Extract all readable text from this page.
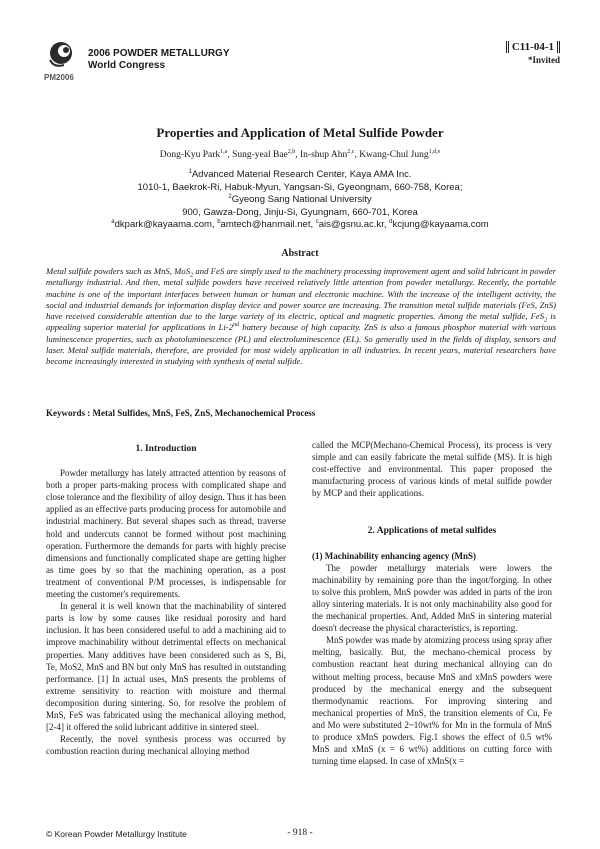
PM2006
2006 POWDER METALLURGY
World Congress
C11-04-1
*Invited
Properties and Application of Metal Sulfide Powder
Dong-Kyu Park$^{1,a}$, Sung-yeal Bae$^{2,b}$, In-shup Ahn$^{2,c}$, Kwang-Chul Jung$^{1,d,e}$
$^1$Advanced Material Research Center, Kaya AMA Inc.
1010-1, Baekrok-Ri, Habuk-Myun, Yangsan-Si, Gyeongnam, 660-758, Korea;
$^2$Gyeong Sang National University
900, Gawza-Dong, Jinju-Si, Gyungnam, 660-701, Korea
$^a$dkpark@kayaama.com, $^b$amtech@hanmail.net, $^c$ais@gsnu.ac.kr, $^d$kcjung@kayaama.com
Abstract
Metal sulfide powders such as MnS, MoS$_2$ and FeS are simply used to the machinery processing improvement agent and solid lubricant in powder metallurgy industrial. And then, metal sulfide powders have received relatively little attention from powder metallurgy. Recently, the portable machine is one of the important interfaces between human or human and electronic machine. With the increase of the intelligent activity, the social and industrial demands for information display device and power source are increasing. The transition metal sulfide materials (FeS, ZnS) have received considerable attention due to the large variety of its electric, optical and magnetic properties. Among the metal sulfide, FeS$_2$ is appealing superior material for applications in Li-2nd battery because of high capacity. ZnS is also a famous phosphor material with various luminescence properties, such as photoluminescence (PL) and electroluminescence (EL). So generally used in the fields of display, sensors and laser. Metal sulfide materials, therefore, are provided for most widely application in all industries. In recent years, material researchers have become increasingly interested in studying with synthesis of metal sulfide.
Keywords : Metal Sulfides, MnS, FeS, ZnS, Mechanochemical Process
1. Introduction

Powder metallurgy has lately attracted attention by reasons of both a proper parts-making process with complicated shape and close tolerance and the flexibility of alloy design. Thus it has been applied as an effective parts producing process for automobile and industrial machinery. But several shapes such as thread, traverse hold and undercuts cannot be formed without post machining operation. Furthermore the demands for parts with highly precise dimensions and functionally complicated shape are getting higher as time goes by so that the machining operation, as a post treatment of conventional P/M processes, is indispensable for meeting the customer's requirements.

In general it is well known that the machinability of sintered parts is low by some causes like residual porosity and hard inclusion. It has been considered useful to add a machining aid to improve machinability without detrimental effects on mechanical properties. Many additives have been considered such as S, Bi, Te, MoS2, MnS and BN but only MnS has resulted in outstanding performance. [1] In actual uses, MnS presents the problems of extreme sensitivity to reaction with moisture and thermal decomposition during sintering. So, for resolve the problem of MnS, FeS was fabricated using the mechanical alloying method, [2-4] it offered the solid lubricant additive in sintered steel.

Recently, the novel synthesis process was occurred by combustion reaction during mechanical alloying method

called the MCP(Mechano-Chemical Process), its process is very simple and can easily fabricate the metal sulfide (MS). It is high cost-effective and environmental. This paper proposed the manufacturing process of various kinds of metal sulfide powder by MCP and their applications.

2. Applications of metal sulfides
(1) Machinability enhancing agency (MnS)

The powder metallurgy materials were lowers the machinability by remaining pore than the ingot/forging. In other to solve this problem, MnS powder was added in parts of the iron alloy sintering materials. It is not only machinability also good for the mechanical properties. And, Added MnS in sintering material doesn't decrease the physical characteristics, is reporting.

MnS powder was made by atomizing process using spray after melting, basically. But, the mechano-chemical process by combustion reactant heat during mechanical alloying can do without melting process, because MnS and xMnS powders were produced by the mechanical energy and the subsequent thermodynamic reactions. For improving sintering and mechanical properties of MnS, the transition elements of Cu, Fe and Mo were substituted 2~10wt% for Mn in the formula of MnS to produce xMnS powders. Fig.1 shows the effect of 0.5 wt% MnS and xMnS (x = 6 wt%) additions on cutting force with turning time elapsed. In case of xMnS(x =

© Korean Powder Metallurgy Institute	- 918 -
